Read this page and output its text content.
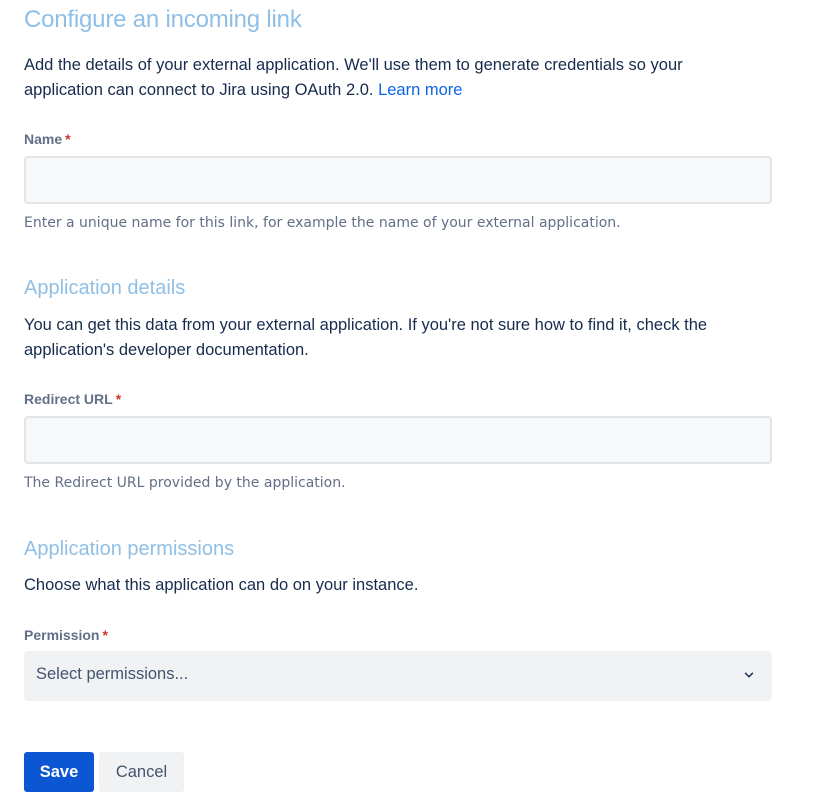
Configure an incoming link

Add the details of your external application. We'll use them to generate credentials so your application can connect to Jira using OAuth 2.0. Learn more

Name *
Enter a unique name for this link, for example the name of your external application.
Application details

You can get this data from your external application. If you're not sure how to find it, check the application's developer documentation.

Redirect URL *
The Redirect URL provided by the application.
Application permissions

Choose what this application can do on your instance.

Permission *
Select permissions...
Save	Cancel
